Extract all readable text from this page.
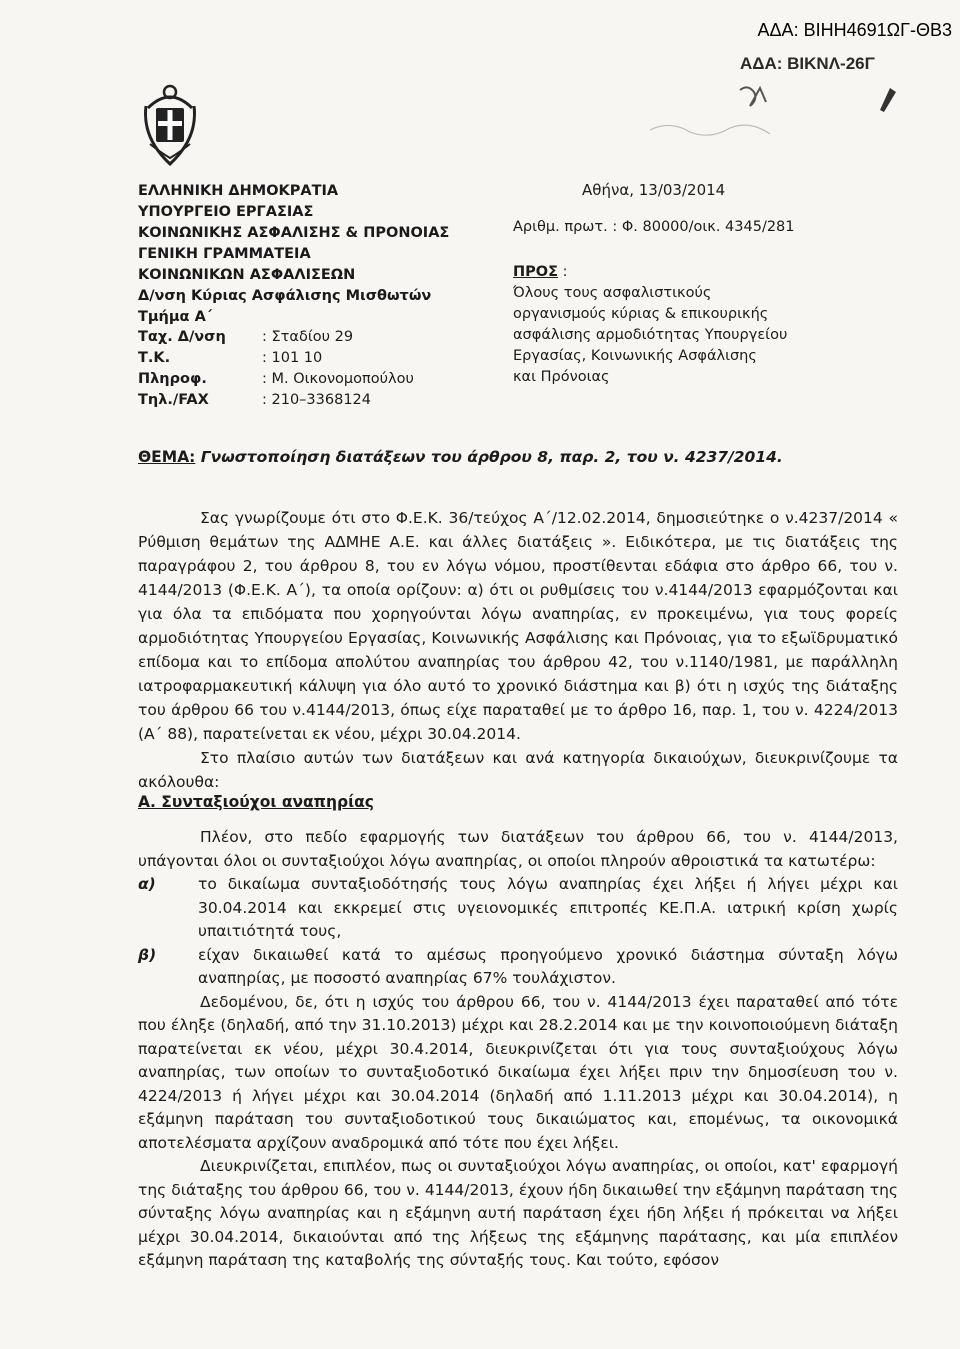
ΑΔΑ: ΒΙΗΗ4691ΩΓ-ΘΒ3
ΑΔΑ: ΒΙΚΝΛ-26Γ
ΕΛΛΗΝΙΚΗ ΔΗΜΟΚΡΑΤΙΑ
ΥΠΟΥΡΓΕΙΟ ΕΡΓΑΣΙΑΣ
ΚΟΙΝΩΝΙΚΗΣ ΑΣΦΑΛΙΣΗΣ & ΠΡΟΝΟΙΑΣ
ΓΕΝΙΚΗ ΓΡΑΜΜΑΤΕΙΑ
ΚΟΙΝΩΝΙΚΩΝ ΑΣΦΑΛΙΣΕΩΝ
Δ/νση Κύριας Ασφάλισης Μισθωτών
Τμήμα Α΄
Ταχ. Δ/νση	: Σταδίου 29
Τ.Κ.	: 101 10
Πληροφ.	: Μ. Οικονομοπούλου
Τηλ./FAX	: 210–3368124
Αθήνα, 13/03/2014
Αριθμ. πρωτ. : Φ. 80000/οικ. 4345/281
ΠΡΟΣ :
Όλους τους ασφαλιστικούς
οργανισμούς κύριας & επικουρικής
ασφάλισης αρμοδιότητας Υπουργείου
Εργασίας, Κοινωνικής Ασφάλισης
και Πρόνοιας
ΘΕΜΑ: Γνωστοποίηση διατάξεων του άρθρου 8, παρ. 2, του ν. 4237/2014.

Σας γνωρίζουμε ότι στο Φ.Ε.Κ. 36/τεύχος Α΄/12.02.2014, δημοσιεύτηκε ο ν.4237/2014 « Ρύθμιση θεμάτων της ΑΔΜΗΕ Α.Ε. και άλλες διατάξεις ». Ειδικότερα, με τις διατάξεις της παραγράφου 2, του άρθρου 8, του εν λόγω νόμου, προστίθενται εδάφια στο άρθρο 66, του ν. 4144/2013 (Φ.Ε.Κ. Α΄), τα οποία ορίζουν: α) ότι οι ρυθμίσεις του ν.4144/2013 εφαρμόζονται και για όλα τα επιδόματα που χορηγούνται λόγω αναπηρίας, εν προκειμένω, για τους φορείς αρμοδιότητας Υπουργείου Εργασίας, Κοινωνικής Ασφάλισης και Πρόνοιας, για το εξωϊδρυματικό επίδομα και το επίδομα απολύτου αναπηρίας του άρθρου 42, του ν.1140/1981, με παράλληλη ιατροφαρμακευτική κάλυψη για όλο αυτό το χρονικό διάστημα και β) ότι η ισχύς της διάταξης του άρθρου 66 του ν.4144/2013, όπως είχε παραταθεί με το άρθρο 16, παρ. 1, του ν. 4224/2013 (Α΄ 88), παρατείνεται εκ νέου, μέχρι 30.04.2014.

Στο πλαίσιο αυτών των διατάξεων και ανά κατηγορία δικαιούχων, διευκρινίζουμε τα ακόλουθα:

Α. Συνταξιούχοι αναπηρίας

Πλέον, στο πεδίο εφαρμογής των διατάξεων του άρθρου 66, του ν. 4144/2013, υπάγονται όλοι οι συνταξιούχοι λόγω αναπηρίας, οι οποίοι πληρούν αθροιστικά τα κατωτέρω:

α)	το δικαίωμα συνταξιοδότησής τους λόγω αναπηρίας έχει λήξει ή λήγει μέχρι και 30.04.2014 και εκκρεμεί στις υγειονομικές επιτροπές ΚΕ.Π.Α. ιατρική κρίση χωρίς υπαιτιότητά τους,
β)	είχαν δικαιωθεί κατά το αμέσως προηγούμενο χρονικό διάστημα σύνταξη λόγω αναπηρίας, με ποσοστό αναπηρίας 67% τουλάχιστον.

Δεδομένου, δε, ότι η ισχύς του άρθρου 66, του ν. 4144/2013 έχει παραταθεί από τότε που έληξε (δηλαδή, από την 31.10.2013) μέχρι και 28.2.2014 και με την κοινοποιούμενη διάταξη παρατείνεται εκ νέου, μέχρι 30.4.2014, διευκρινίζεται ότι για τους συνταξιούχους λόγω αναπηρίας, των οποίων το συνταξιοδοτικό δικαίωμα έχει λήξει πριν την δημοσίευση του ν. 4224/2013 ή λήγει μέχρι και 30.04.2014 (δηλαδή από 1.11.2013 μέχρι και 30.04.2014), η εξάμηνη παράταση του συνταξιοδοτικού τους δικαιώματος και, επομένως, τα οικονομικά αποτελέσματα αρχίζουν αναδρομικά από τότε που έχει λήξει.

Διευκρινίζεται, επιπλέον, πως οι συνταξιούχοι λόγω αναπηρίας, οι οποίοι, κατ' εφαρμογή της διάταξης του άρθρου 66, του ν. 4144/2013, έχουν ήδη δικαιωθεί την εξάμηνη παράταση της σύνταξης λόγω αναπηρίας και η εξάμηνη αυτή παράταση έχει ήδη λήξει ή πρόκειται να λήξει μέχρι 30.04.2014, δικαιούνται από της λήξεως της εξάμηνης παράτασης, και μία επιπλέον εξάμηνη παράταση της καταβολής της σύνταξής τους. Και τούτο, εφόσον
